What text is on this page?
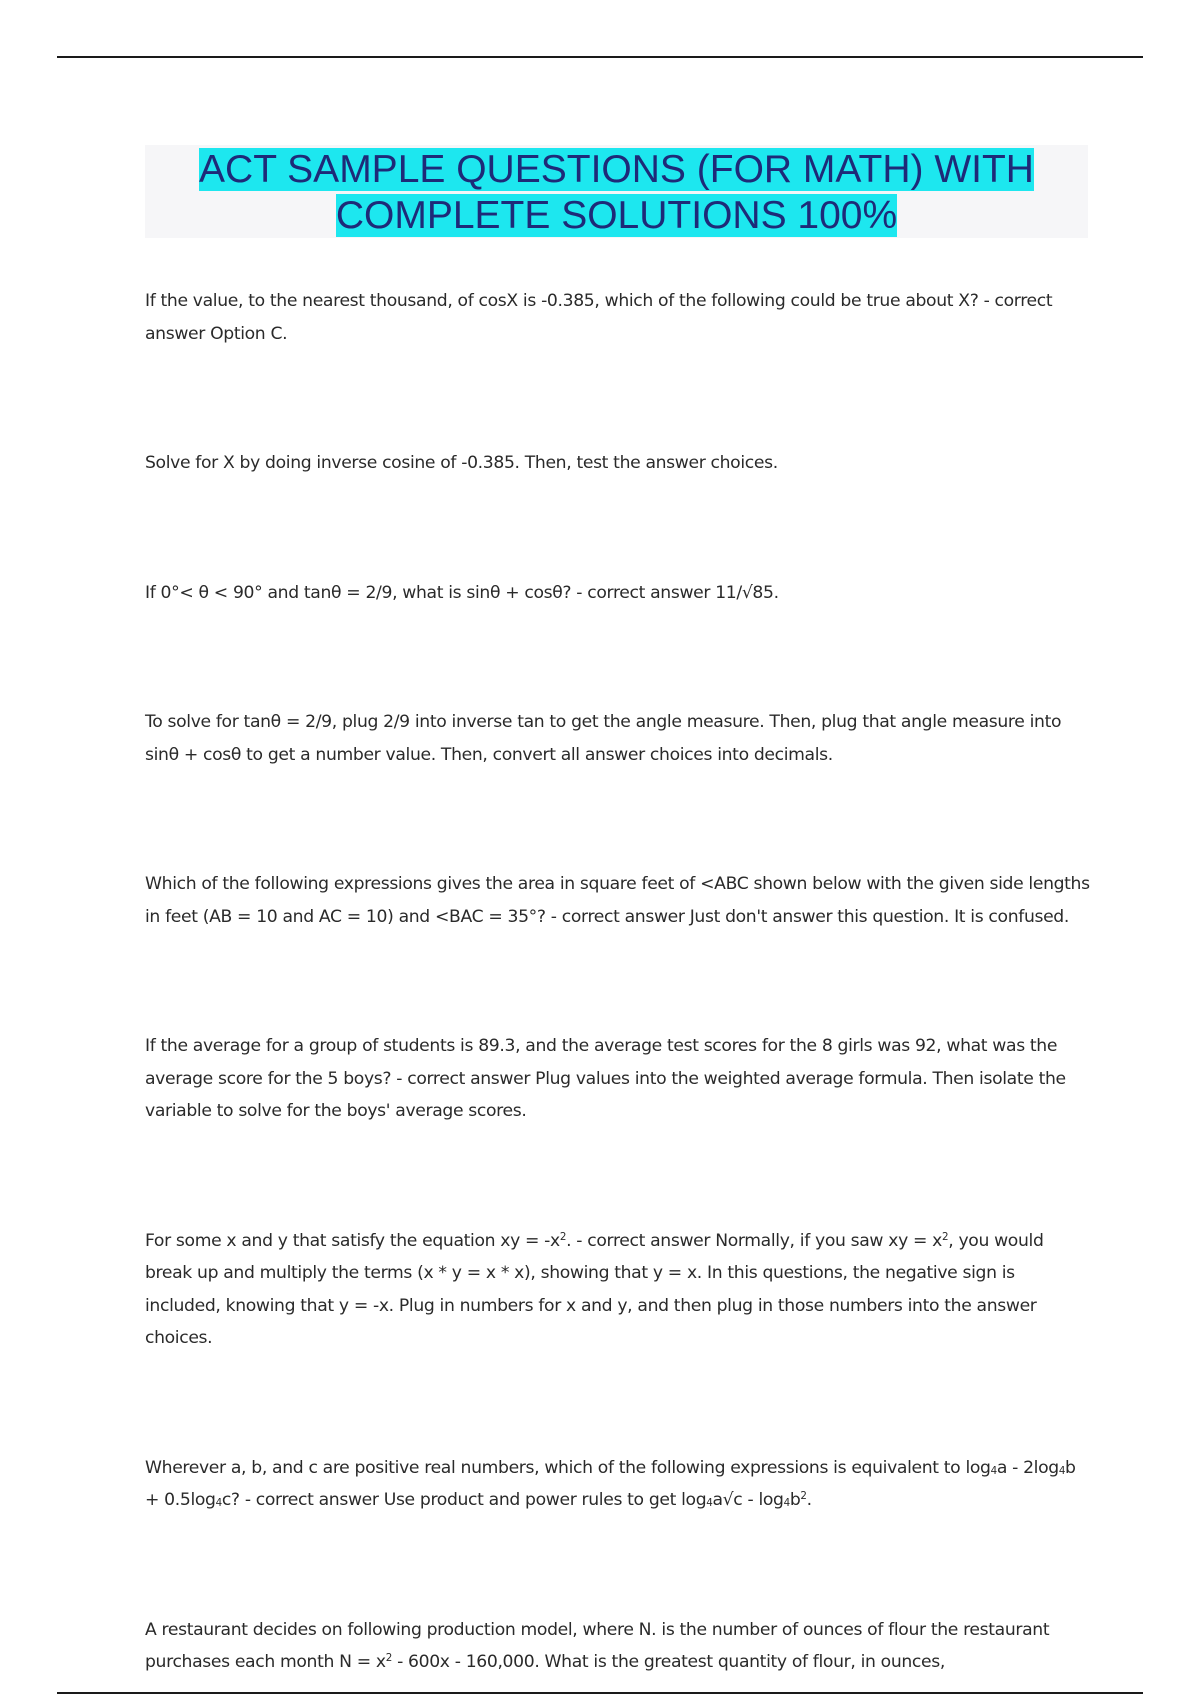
ACT SAMPLE QUESTIONS (FOR MATH) WITH
COMPLETE SOLUTIONS 100%

If the value, to the nearest thousand, of cosX is -0.385, which of the following could be true about X? - correct answer Option C.

Solve for X by doing inverse cosine of -0.385. Then, test the answer choices.

If 0°< θ < 90° and tanθ = 2/9, what is sinθ + cosθ? - correct answer 11/√85.

To solve for tanθ = 2/9, plug 2/9 into inverse tan to get the angle measure. Then, plug that angle measure into sinθ + cosθ to get a number value. Then, convert all answer choices into decimals.

Which of the following expressions gives the area in square feet of <ABC shown below with the given side lengths in feet (AB = 10 and AC = 10) and <BAC = 35°? - correct answer Just don't answer this question. It is confused.

If the average for a group of students is 89.3, and the average test scores for the 8 girls was 92, what was the average score for the 5 boys? - correct answer Plug values into the weighted average formula. Then isolate the variable to solve for the boys' average scores.

For some x and y that satisfy the equation xy = $-x^2$. - correct answer Normally, if you saw xy = $x^2$, you would break up and multiply the terms (x * y = x * x), showing that y = x. In this questions, the negative sign is included, knowing that y = -x. Plug in numbers for x and y, and then plug in those numbers into the answer choices.

Wherever a, b, and c are positive real numbers, which of the following expressions is equivalent to $\log_4a - 2\log_4b + 0.5\log_4c$? - correct answer Use product and power rules to get $\log_4a√c - \log_4b^2$.

A restaurant decides on following production model, where N. is the number of ounces of flour the restaurant purchases each month $N = x^2 - 600x - 160,000$. What is the greatest quantity of flour, in ounces,
